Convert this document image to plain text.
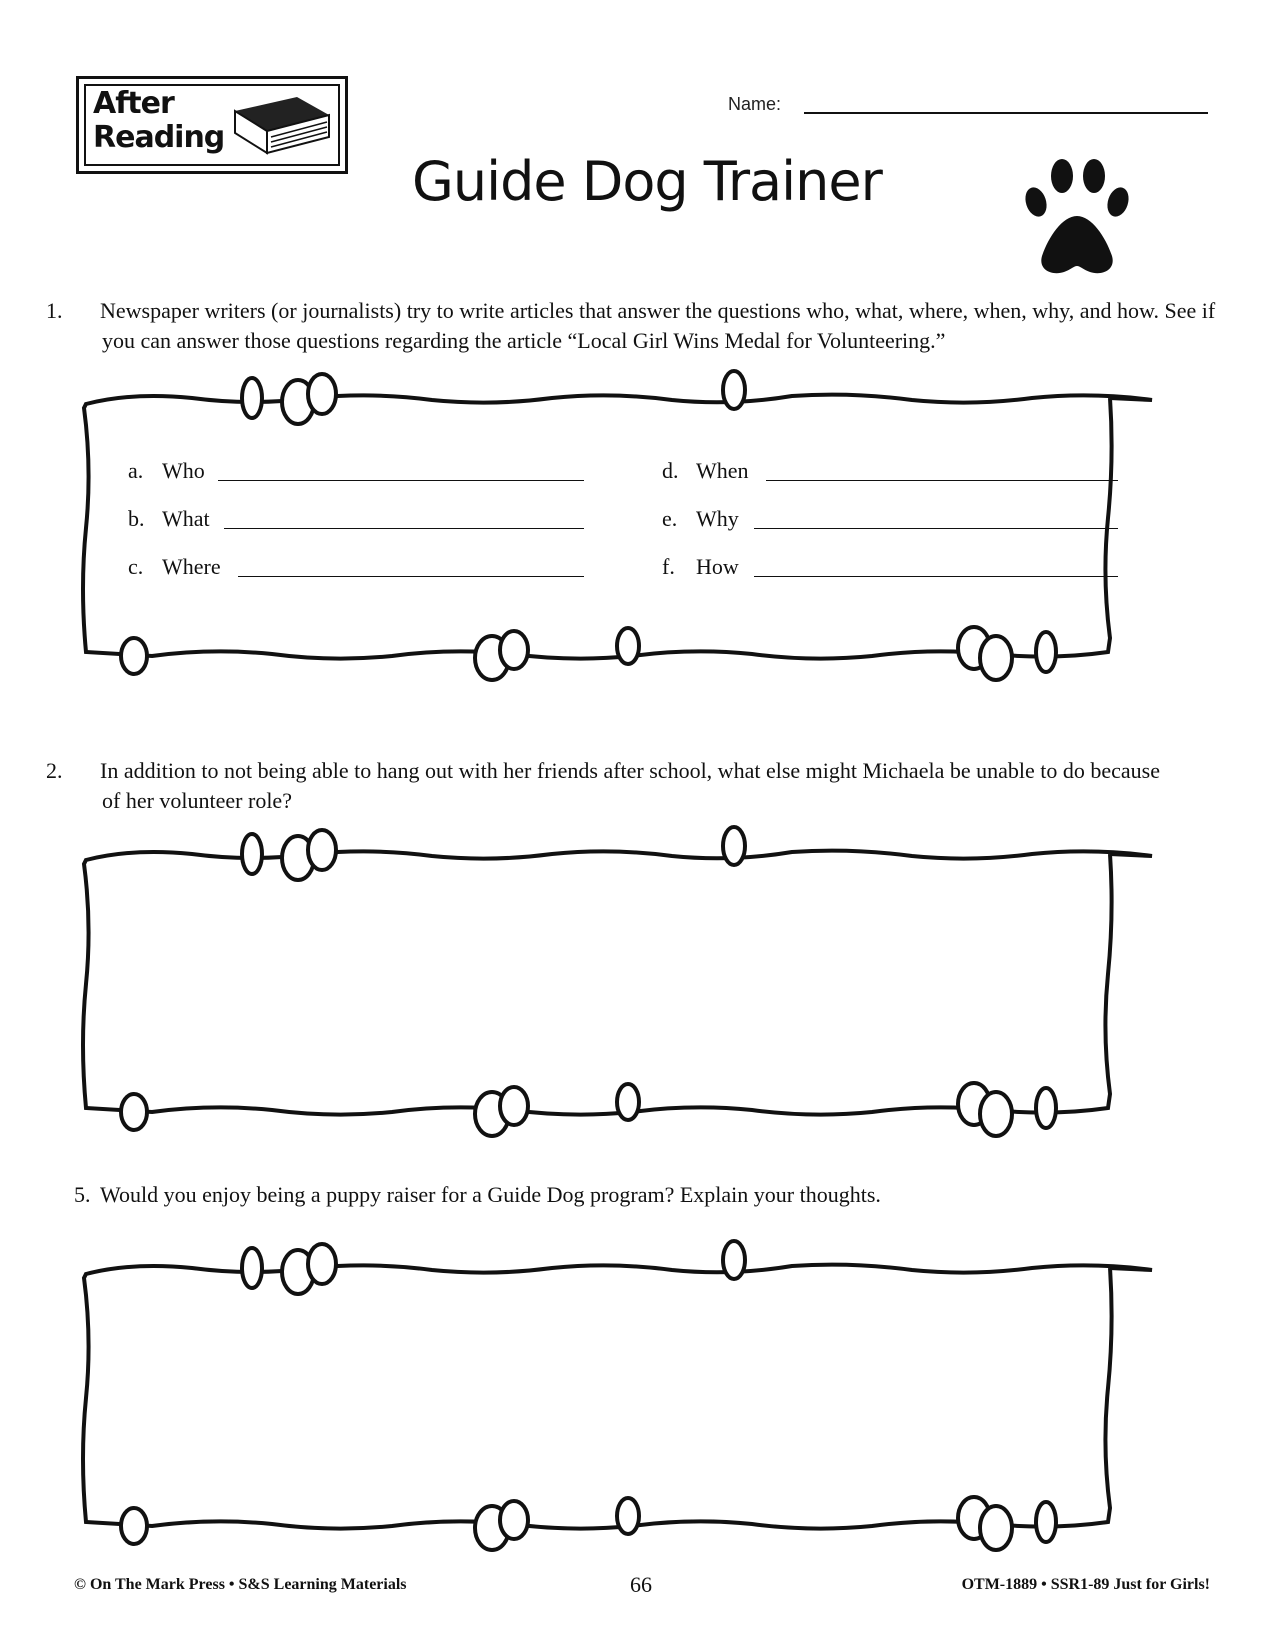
After
Reading
Name:
Guide Dog Trainer
1. Newspaper writers (or journalists) try to write articles that answer the questions who, what, where, when, why, and how. See if you can answer those questions regarding the article “Local Girl Wins Medal for Volunteering.”
a. Who
b. What
c. Where
d. When
e. Why
f. How
2. In addition to not being able to hang out with her friends after school, what else might Michaela be unable to do because of her volunteer role?
5. Would you enjoy being a puppy raiser for a Guide Dog program? Explain your thoughts.
© On The Mark Press • S&S Learning Materials	66	OTM-1889 • SSR1-89 Just for Girls!
